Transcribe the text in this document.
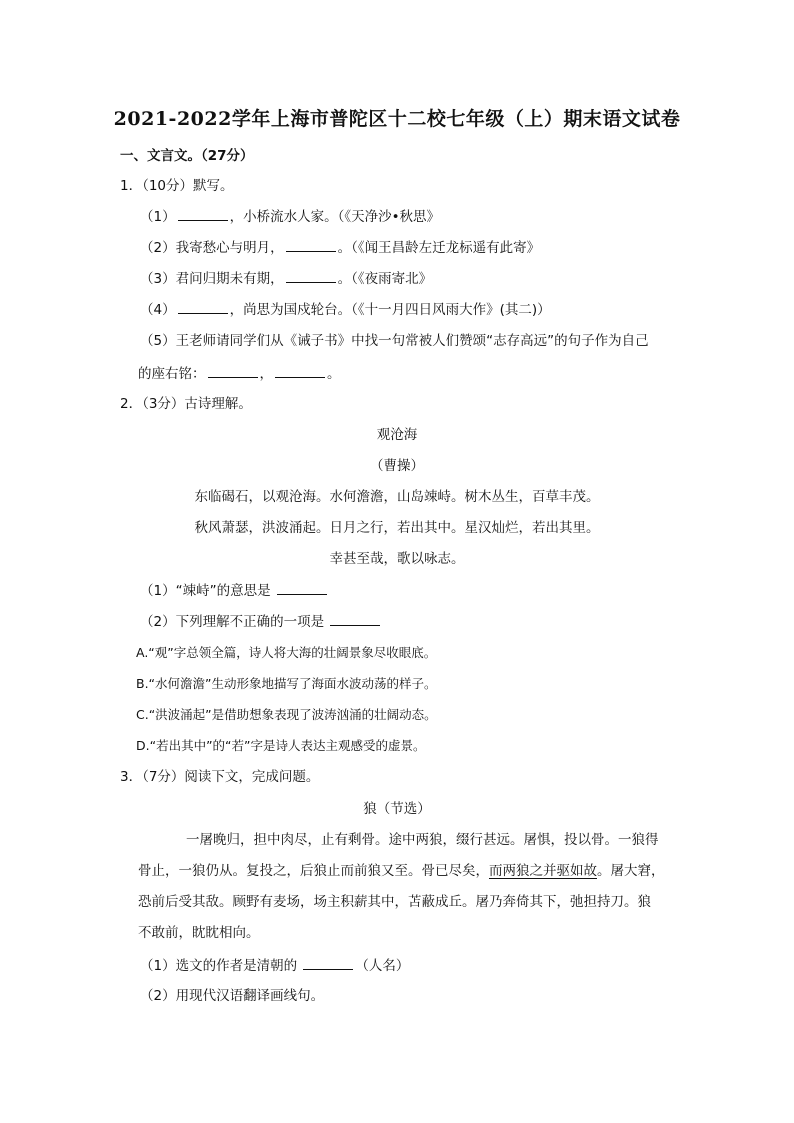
2021-2022学年上海市普陀区十二校七年级（上）期末语文试卷
一、文言文。（27分）
1．（10分）默写。
（1）	，小桥流水人家。（《天净沙•秋思》
（2）我寄愁心与明月，	。（《闻王昌龄左迁龙标遥有此寄》
（3）君问归期未有期，	。（《夜雨寄北》
（4）	，尚思为国戍轮台。（《十一月四日风雨大作》(其二)）
（5）王老师请同学们从《诫子书》中找一句常被人们赞颂“志存高远”的句子作为自己
的座右铭：	，	。
2．（3分）古诗理解。
观沧海
（曹操）
东临碣石，以观沧海。水何澹澹，山岛竦峙。树木丛生，百草丰茂。
秋风萧瑟，洪波涌起。日月之行，若出其中。星汉灿烂，若出其里。
幸甚至哉，歌以咏志。
（1）“竦峙”的意思是
（2）下列理解不正确的一项是
A.“观”字总领全篇，诗人将大海的壮阔景象尽收眼底。
B.“水何澹澹”生动形象地描写了海面水波动荡的样子。
C.“洪波涌起”是借助想象表现了波涛汹涌的壮阔动态。
D.“若出其中”的“若”字是诗人表达主观感受的虚景。
3．（7分）阅读下文，完成问题。
狼（节选）
一屠晚归，担中肉尽，止有剩骨。途中两狼，缀行甚远。屠惧，投以骨。一狼得
骨止，一狼仍从。复投之，后狼止而前狼又至。骨已尽矣，而两狼之并驱如故。屠大窘，
恐前后受其敌。顾野有麦场，场主积薪其中，苫蔽成丘。屠乃奔倚其下，弛担持刀。狼
不敢前，眈眈相向。
（1）选文的作者是清朝的	（人名）
（2）用现代汉语翻译画线句。
